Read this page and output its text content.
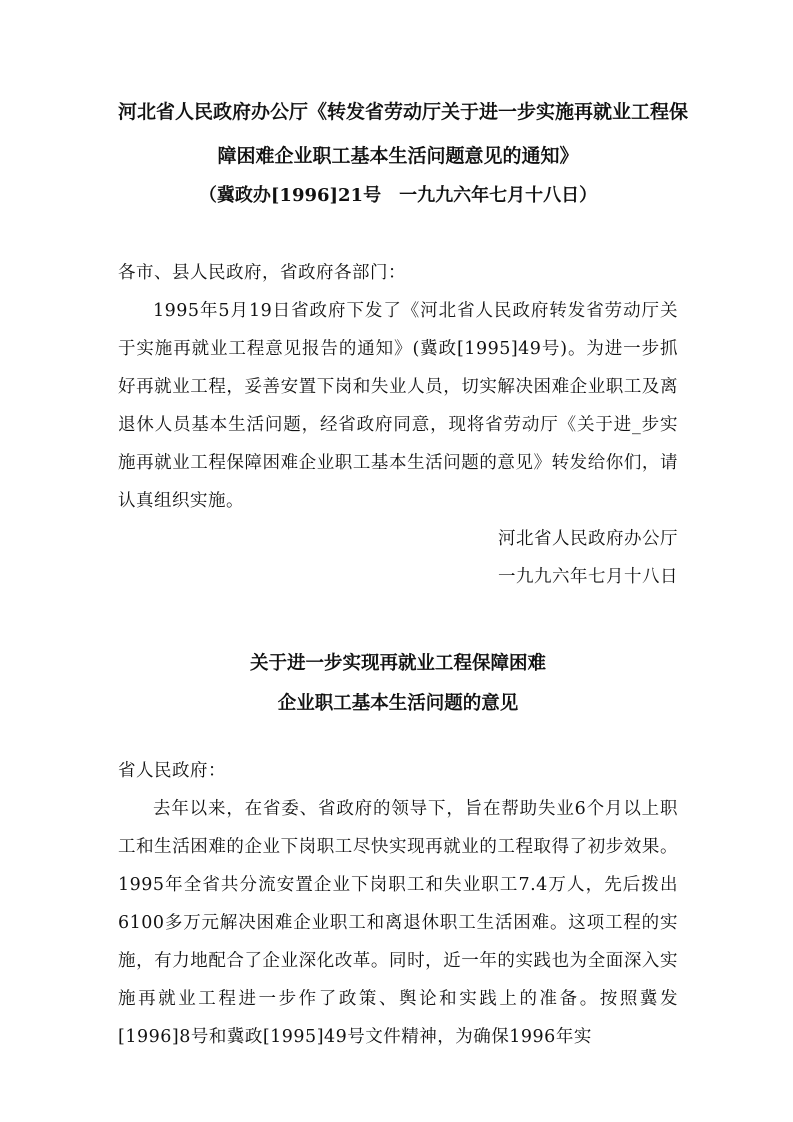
河北省人民政府办公厅《转发省劳动厅关于进一步实施再就业工程保
障困难企业职工基本生活问题意见的通知》

（冀政办[1996]21号　一九九六年七月十八日）

各市、县人民政府，省政府各部门：

1995年5月19日省政府下发了《河北省人民政府转发省劳动厅关于实施再就业工程意见报告的通知》(冀政[1995]49号)。为进一步抓好再就业工程，妥善安置下岗和失业人员，切实解决困难企业职工及离退休人员基本生活问题，经省政府同意，现将省劳动厅《关于进_步实施再就业工程保障困难企业职工基本生活问题的意见》转发给你们，请认真组织实施。

河北省人民政府办公厅

一九九六年七月十八日

关于进一步实现再就业工程保障困难
企业职工基本生活问题的意见

省人民政府：

去年以来，在省委、省政府的领导下，旨在帮助失业6个月以上职工和生活困难的企业下岗职工尽快实现再就业的工程取得了初步效果。1995年全省共分流安置企业下岗职工和失业职工7.4万人，先后拨出6100多万元解决困难企业职工和离退休职工生活困难。这项工程的实施，有力地配合了企业深化改革。同时，近一年的实践也为全面深入实施再就业工程进一步作了政策、舆论和实践上的准备。按照冀发[1996]8号和冀政[1995]49号文件精神，为确保1996年实
